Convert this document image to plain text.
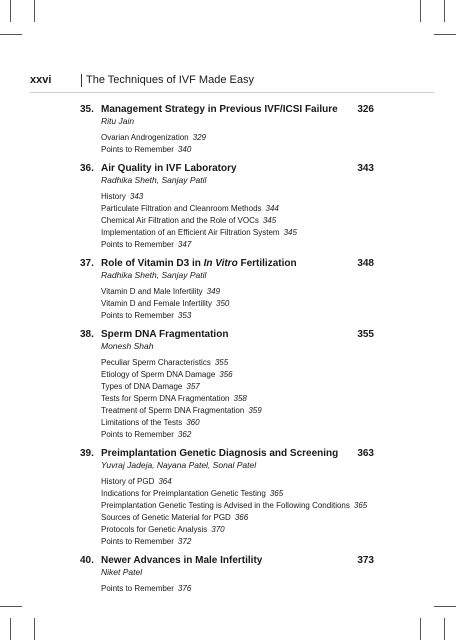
xxvi	The Techniques of IVF Made Easy
35. Management Strategy in Previous IVF/ICSI Failure 326
Ritu Jain
Ovarian Androgenization 329
Points to Remember 340
36. Air Quality in IVF Laboratory	343
Radhika Sheth, Sanjay Patil
History 343
Particulate Filtration and Cleanroom Methods 344
Chemical Air Filtration and the Role of VOCs 345
Implementation of an Efficient Air Filtration System 345
Points to Remember 347
37. Role of Vitamin D3 in In Vitro Fertilization	348
Radhika Sheth, Sanjay Patil
Vitamin D and Male Infertility 349
Vitamin D and Female Infertility 350
Points to Remember 353
38. Sperm DNA Fragmentation	355
Monesh Shah
Peculiar Sperm Characteristics 355
Etiology of Sperm DNA Damage 356
Types of DNA Damage 357
Tests for Sperm DNA Fragmentation 358
Treatment of Sperm DNA Fragmentation 359
Limitations of the Tests 360
Points to Remember 362
39. Preimplantation Genetic Diagnosis and Screening 363
Yuvraj Jadeja, Nayana Patel, Sonal Patel
History of PGD 364
Indications for Preimplantation Genetic Testing 365
Preimplantation Genetic Testing is Advised in the Following Conditions 365
Sources of Genetic Material for PGD 366
Protocols for Genetic Analysis 370
Points to Remember 372
40. Newer Advances in Male Infertility	373
Niket Patel
Points to Remember 376
